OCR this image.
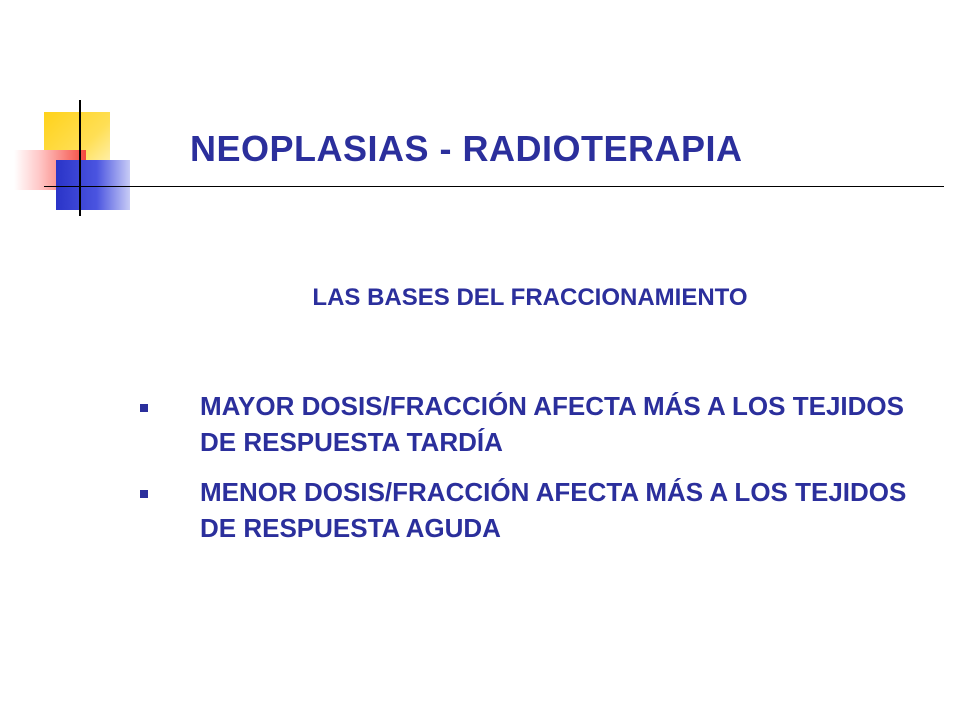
NEOPLASIAS - RADIOTERAPIA
LAS BASES DEL FRACCIONAMIENTO
MAYOR DOSIS/FRACCIÓN AFECTA MÁS A LOS TEJIDOS DE RESPUESTA TARDÍA
MENOR DOSIS/FRACCIÓN AFECTA MÁS A LOS TEJIDOS DE RESPUESTA AGUDA
